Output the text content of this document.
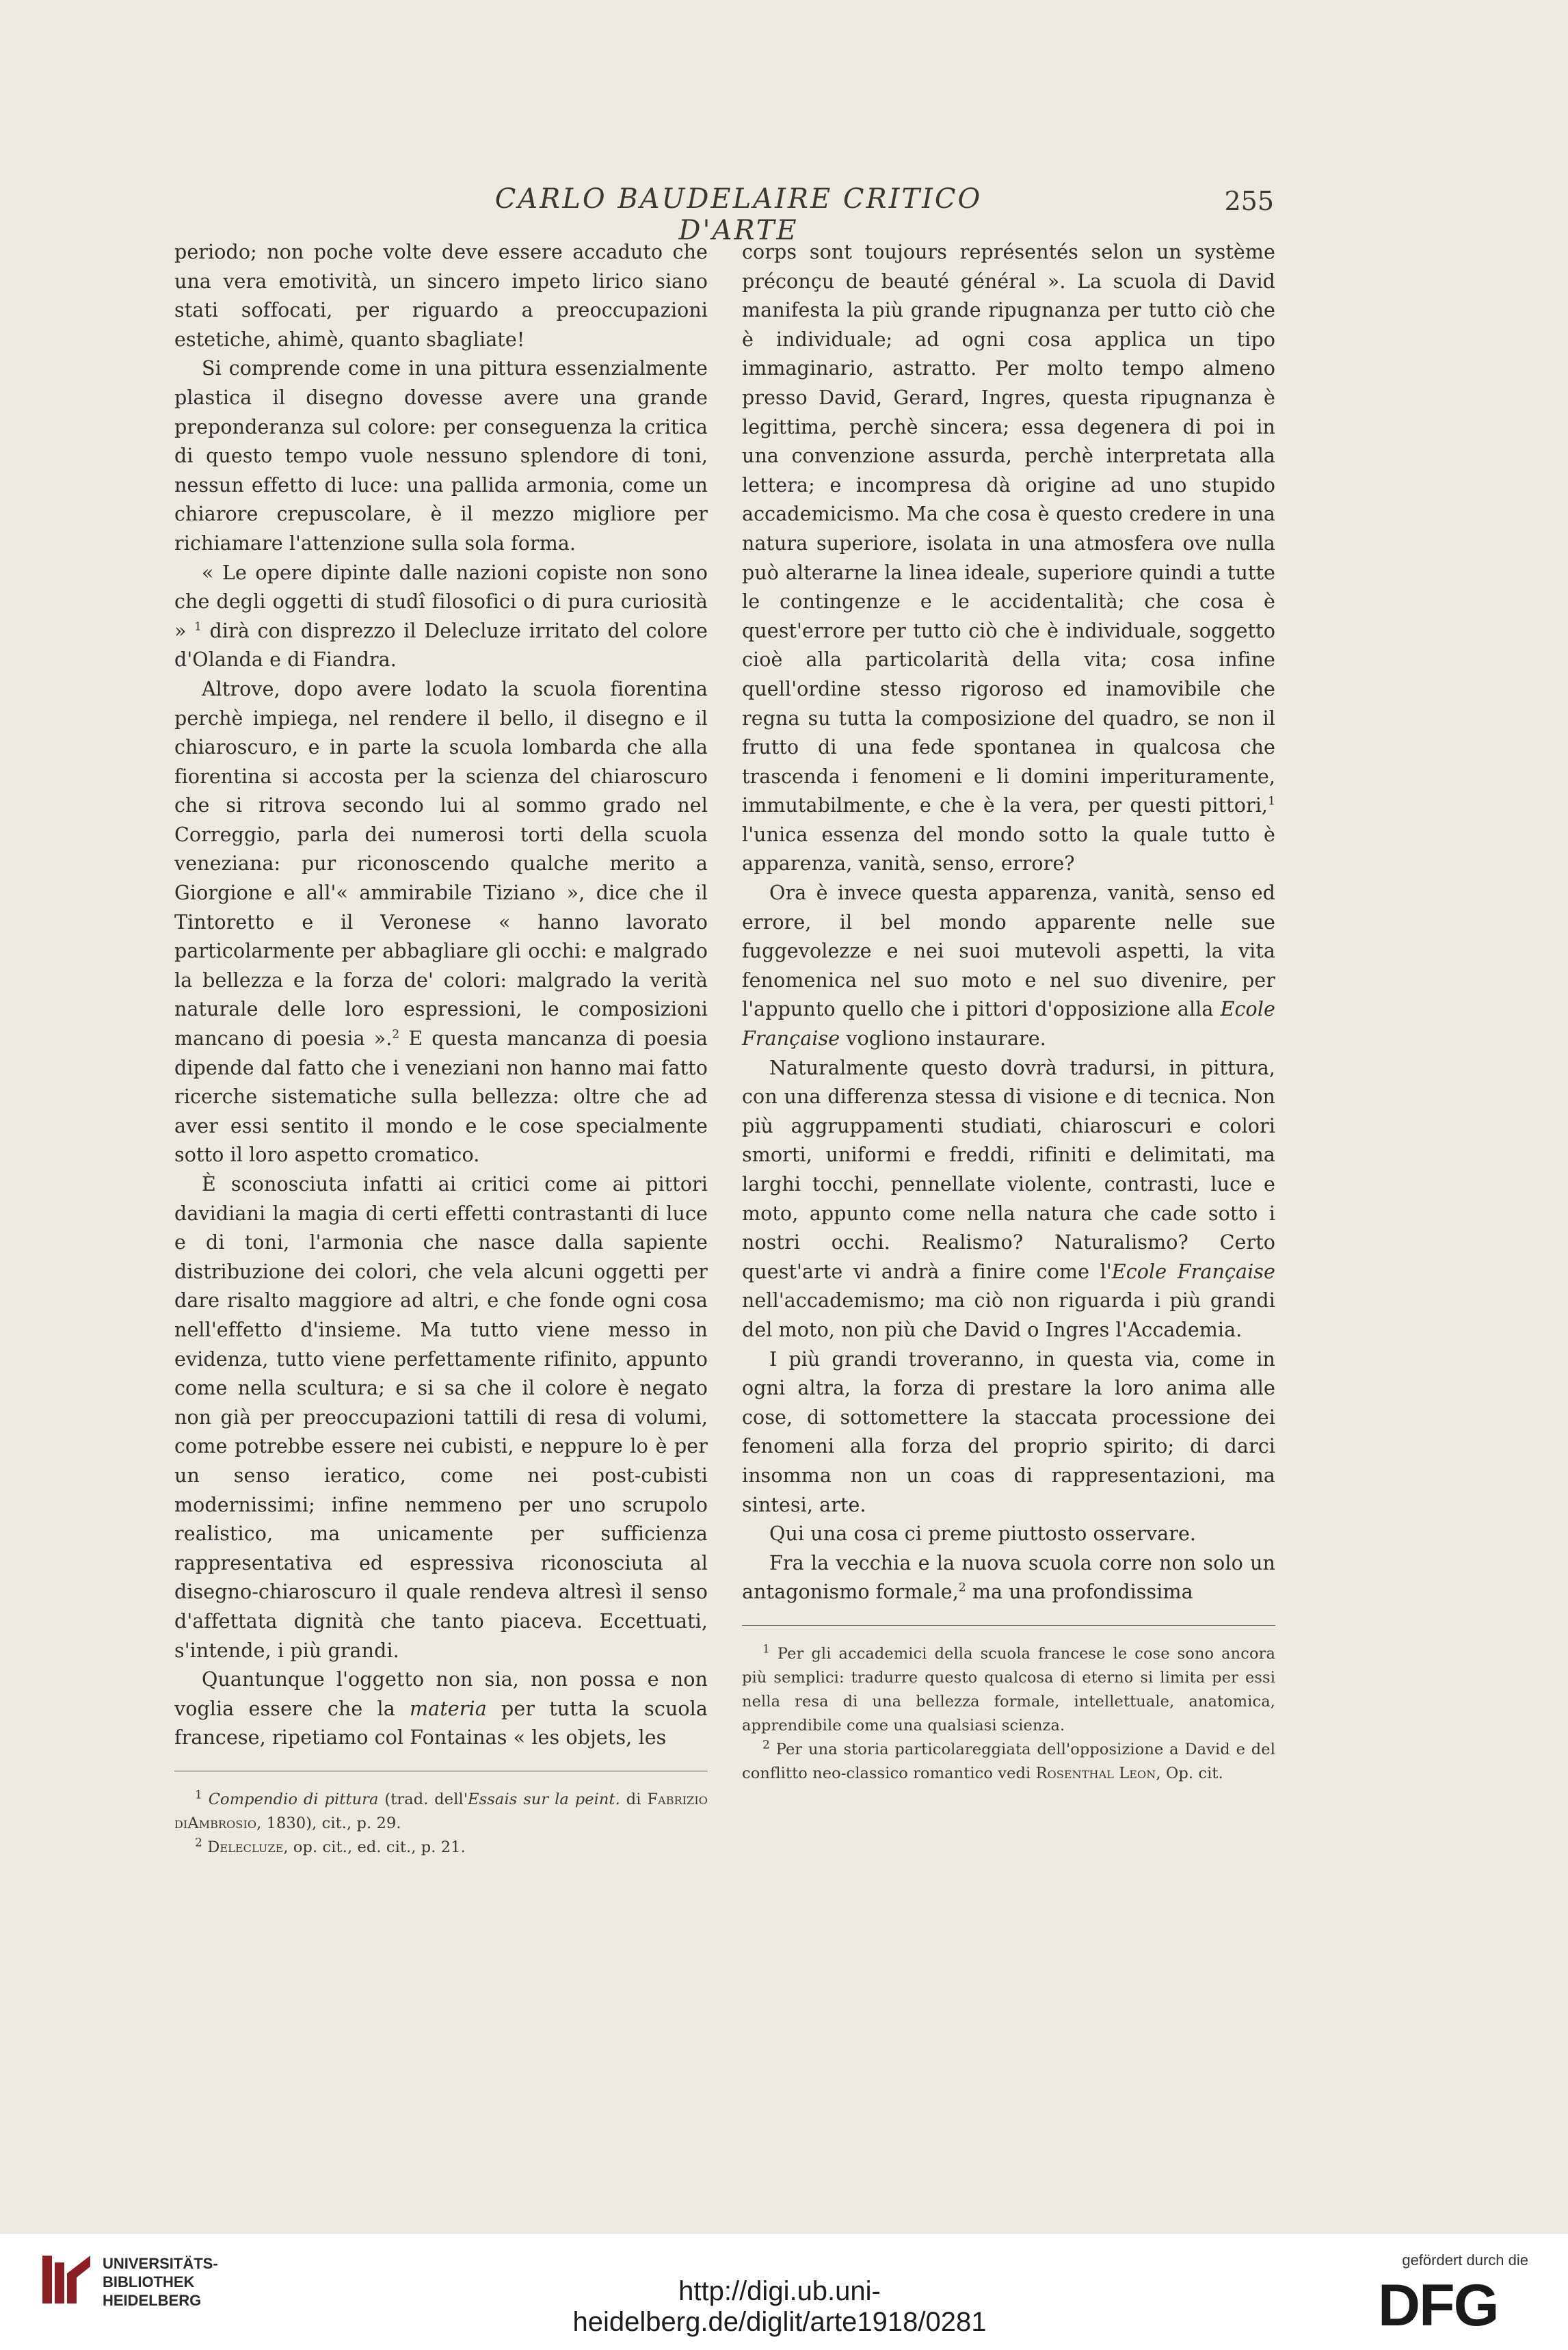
CARLO BAUDELAIRE CRITICO D'ARTE
255

periodo; non poche volte deve essere accaduto che una vera emotività, un sincero impeto lirico siano stati soffocati, per riguardo a preoccupazioni estetiche, ahimè, quanto sbagliate!

Si comprende come in una pittura essenzialmente plastica il disegno dovesse avere una grande preponderanza sul colore: per conseguenza la critica di questo tempo vuole nessuno splendore di toni, nessun effetto di luce: una pallida armonia, come un chiarore crepuscolare, è il mezzo migliore per richiamare l'attenzione sulla sola forma.

« Le opere dipinte dalle nazioni copiste non sono che degli oggetti di studî filosofici o di pura curiosità » $^1$ dirà con disprezzo il Delecluze irritato del colore d'Olanda e di Fiandra.

Altrove, dopo avere lodato la scuola fiorentina perchè impiega, nel rendere il bello, il disegno e il chiaroscuro, e in parte la scuola lombarda che alla fiorentina si accosta per la scienza del chiaroscuro che si ritrova secondo lui al sommo grado nel Correggio, parla dei numerosi torti della scuola veneziana: pur riconoscendo qualche merito a Giorgione e all'« ammirabile Tiziano », dice che il Tintoretto e il Veronese « hanno lavorato particolarmente per abbagliare gli occhi: e malgrado la bellezza e la forza de' colori: malgrado la verità naturale delle loro espressioni, le composizioni mancano di poesia ».$^2$ E questa mancanza di poesia dipende dal fatto che i veneziani non hanno mai fatto ricerche sistematiche sulla bellezza: oltre che ad aver essi sentito il mondo e le cose specialmente sotto il loro aspetto cromatico.

È sconosciuta infatti ai critici come ai pittori davidiani la magia di certi effetti contrastanti di luce e di toni, l'armonia che nasce dalla sapiente distribuzione dei colori, che vela alcuni oggetti per dare risalto maggiore ad altri, e che fonde ogni cosa nell'effetto d'insieme. Ma tutto viene messo in evidenza, tutto viene perfettamente rifinito, appunto come nella scultura; e si sa che il colore è negato non già per preoccupazioni tattili di resa di volumi, come potrebbe essere nei cubisti, e neppure lo è per un senso ieratico, come nei post-cubisti modernissimi; infine nemmeno per uno scrupolo realistico, ma unicamente per sufficienza rappresentativa ed espressiva riconosciuta al disegno-chiaroscuro il quale rendeva altresì il senso d'affettata dignità che tanto piaceva. Eccettuati, s'intende, i più grandi.

Quantunque l'oggetto non sia, non possa e non voglia essere che la materia per tutta la scuola francese, ripetiamo col Fontainas « les objets, les

$^1$ Compendio di pittura (trad. dell'Essais sur la peint. di Fabrizio diAmbrosio, 1830), cit., p. 29.

$^2$ Delecluze, op. cit., ed. cit., p. 21.

corps sont toujours représentés selon un système préconçu de beauté général ». La scuola di David manifesta la più grande ripugnanza per tutto ciò che è individuale; ad ogni cosa applica un tipo immaginario, astratto. Per molto tempo almeno presso David, Gerard, Ingres, questa ripugnanza è legittima, perchè sincera; essa degenera di poi in una convenzione assurda, perchè interpretata alla lettera; e incompresa dà origine ad uno stupido accademicismo. Ma che cosa è questo credere in una natura superiore, isolata in una atmosfera ove nulla può alterarne la linea ideale, superiore quindi a tutte le contingenze e le accidentalità; che cosa è quest'errore per tutto ciò che è individuale, soggetto cioè alla particolarità della vita; cosa infine quell'ordine stesso rigoroso ed inamovibile che regna su tutta la composizione del quadro, se non il frutto di una fede spontanea in qualcosa che trascenda i fenomeni e li domini imperituramente, immutabilmente, e che è la vera, per questi pittori,$^1$ l'unica essenza del mondo sotto la quale tutto è apparenza, vanità, senso, errore?

Ora è invece questa apparenza, vanità, senso ed errore, il bel mondo apparente nelle sue fuggevolezze e nei suoi mutevoli aspetti, la vita fenomenica nel suo moto e nel suo divenire, per l'appunto quello che i pittori d'opposizione alla Ecole Française vogliono instaurare.

Naturalmente questo dovrà tradursi, in pittura, con una differenza stessa di visione e di tecnica. Non più aggruppamenti studiati, chiaroscuri e colori smorti, uniformi e freddi, rifiniti e delimitati, ma larghi tocchi, pennellate violente, contrasti, luce e moto, appunto come nella natura che cade sotto i nostri occhi. Realismo? Naturalismo? Certo quest'arte vi andrà a finire come l'Ecole Française nell'accademismo; ma ciò non riguarda i più grandi del moto, non più che David o Ingres l'Accademia.

I più grandi troveranno, in questa via, come in ogni altra, la forza di prestare la loro anima alle cose, di sottomettere la staccata processione dei fenomeni alla forza del proprio spirito; di darci insomma non un coas di rappresentazioni, ma sintesi, arte.

Qui una cosa ci preme piuttosto osservare.

Fra la vecchia e la nuova scuola corre non solo un antagonismo formale,$^2$ ma una profondissima

$^1$ Per gli accademici della scuola francese le cose sono ancora più semplici: tradurre questo qualcosa di eterno si limita per essi nella resa di una bellezza formale, intellettuale, anatomica, apprendibile come una qualsiasi scienza.

$^2$ Per una storia particolareggiata dell'opposizione a David e del conflitto neo-classico romantico vedi Rosenthal Leon, Op. cit.

UNIVERSITÄTS-
BIBLIOTHEK
HEIDELBERG	http://digi.ub.uni-heidelberg.de/diglit/arte1918/0281
gefördert durch die
DFG
